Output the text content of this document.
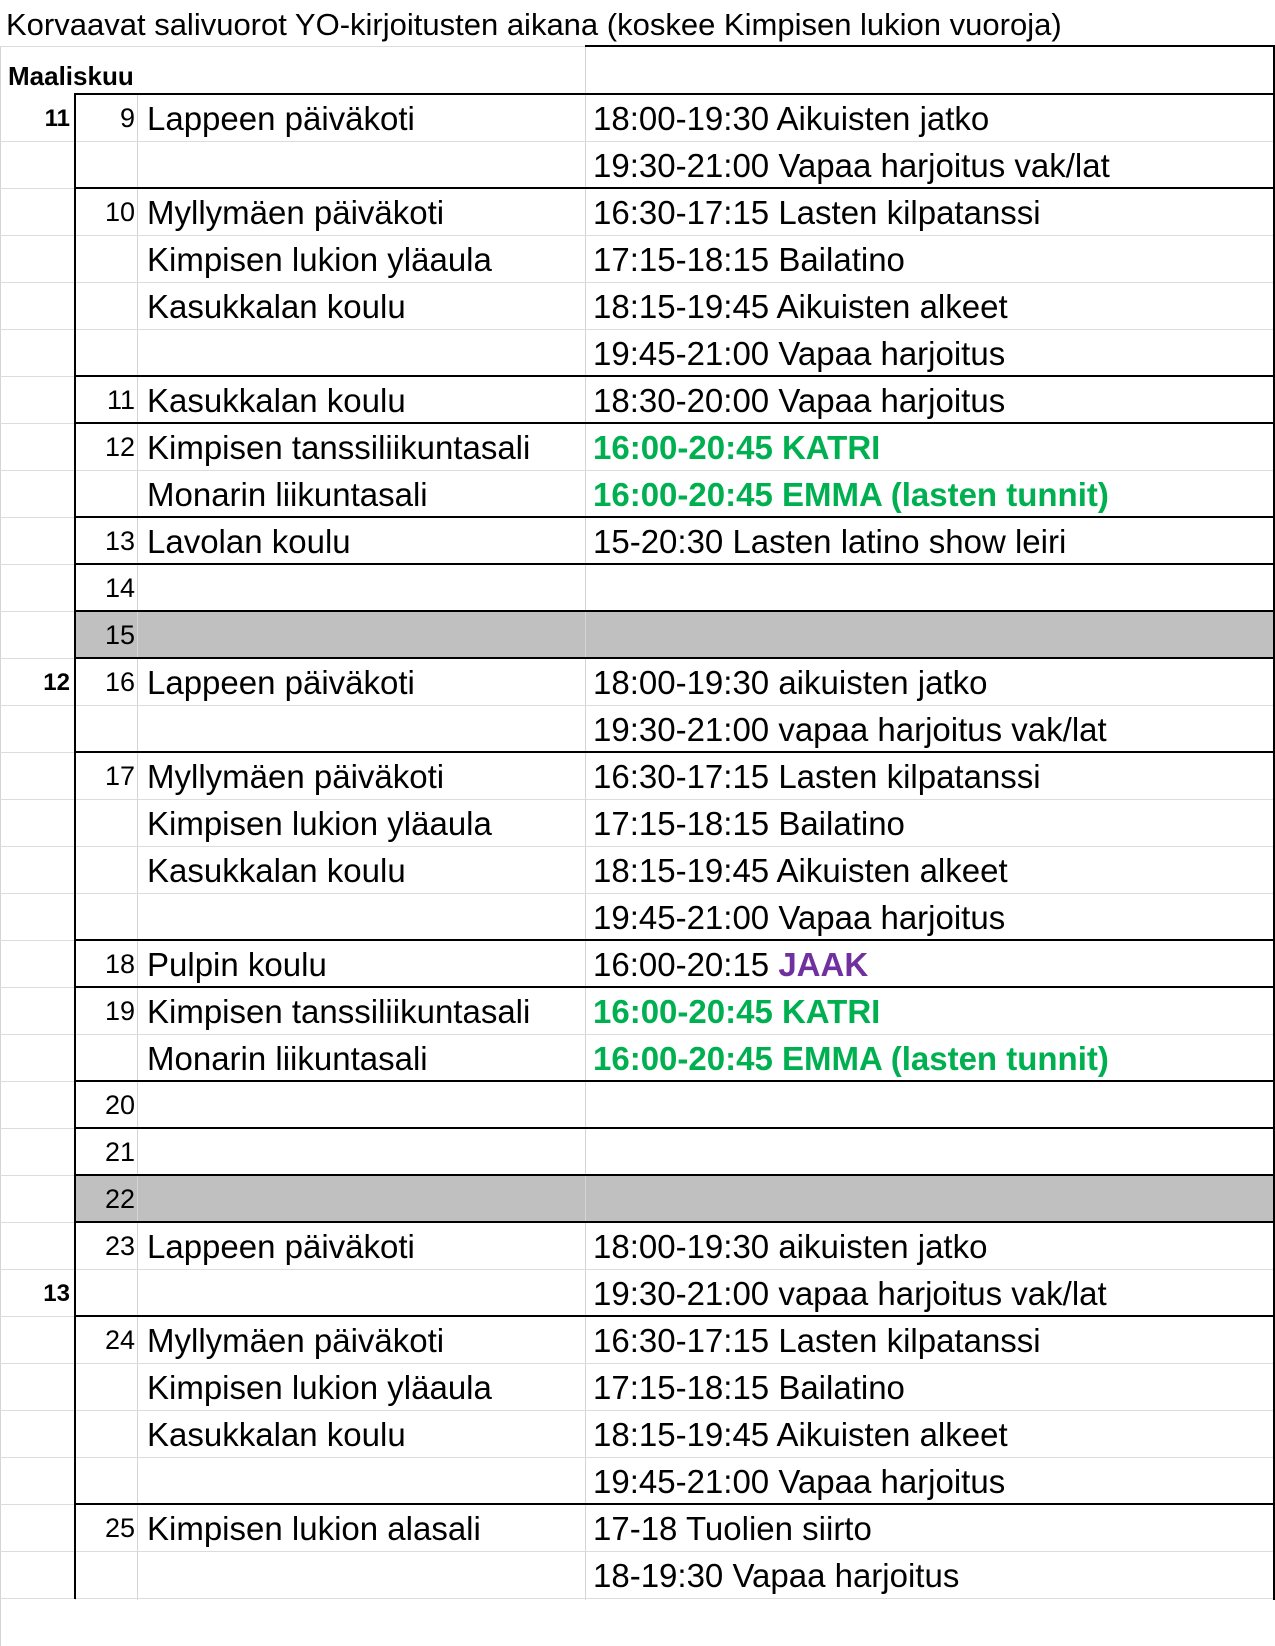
Korvaavat salivuorot YO-kirjoitusten aikana (koskee Kimpisen lukion vuoroja)
Maaliskuu
11	9 Lappeen päiväkoti	18:00-19:30 Aikuisten jatko
19:30-21:00 Vapaa harjoitus vak/lat
10 Myllymäen päiväkoti	16:30-17:15 Lasten kilpatanssi
Kimpisen lukion yläaula	17:15-18:15 Bailatino
Kasukkalan koulu	18:15-19:45 Aikuisten alkeet
19:45-21:00 Vapaa harjoitus
11 Kasukkalan koulu	18:30-20:00 Vapaa harjoitus
12 Kimpisen tanssiliikuntasali 16:00-20:45 KATRI
Monarin liikuntasali	16:00-20:45 EMMA (lasten tunnit)
13 Lavolan koulu	15-20:30 Lasten latino show leiri
14
15
12	16 Lappeen päiväkoti	18:00-19:30 aikuisten jatko
19:30-21:00 vapaa harjoitus vak/lat
17 Myllymäen päiväkoti	16:30-17:15 Lasten kilpatanssi
Kimpisen lukion yläaula	17:15-18:15 Bailatino
Kasukkalan koulu	18:15-19:45 Aikuisten alkeet
19:45-21:00 Vapaa harjoitus
18 Pulpin koulu	16:00-20:15 JAAK
19 Kimpisen tanssiliikuntasali 16:00-20:45 KATRI
Monarin liikuntasali	16:00-20:45 EMMA (lasten tunnit)
20
21
22
23 Lappeen päiväkoti	18:00-19:30 aikuisten jatko
13	19:30-21:00 vapaa harjoitus vak/lat
24 Myllymäen päiväkoti	16:30-17:15 Lasten kilpatanssi
Kimpisen lukion yläaula	17:15-18:15 Bailatino
Kasukkalan koulu	18:15-19:45 Aikuisten alkeet
19:45-21:00 Vapaa harjoitus
25 Kimpisen lukion alasali	17-18 Tuolien siirto
18-19:30 Vapaa harjoitus
